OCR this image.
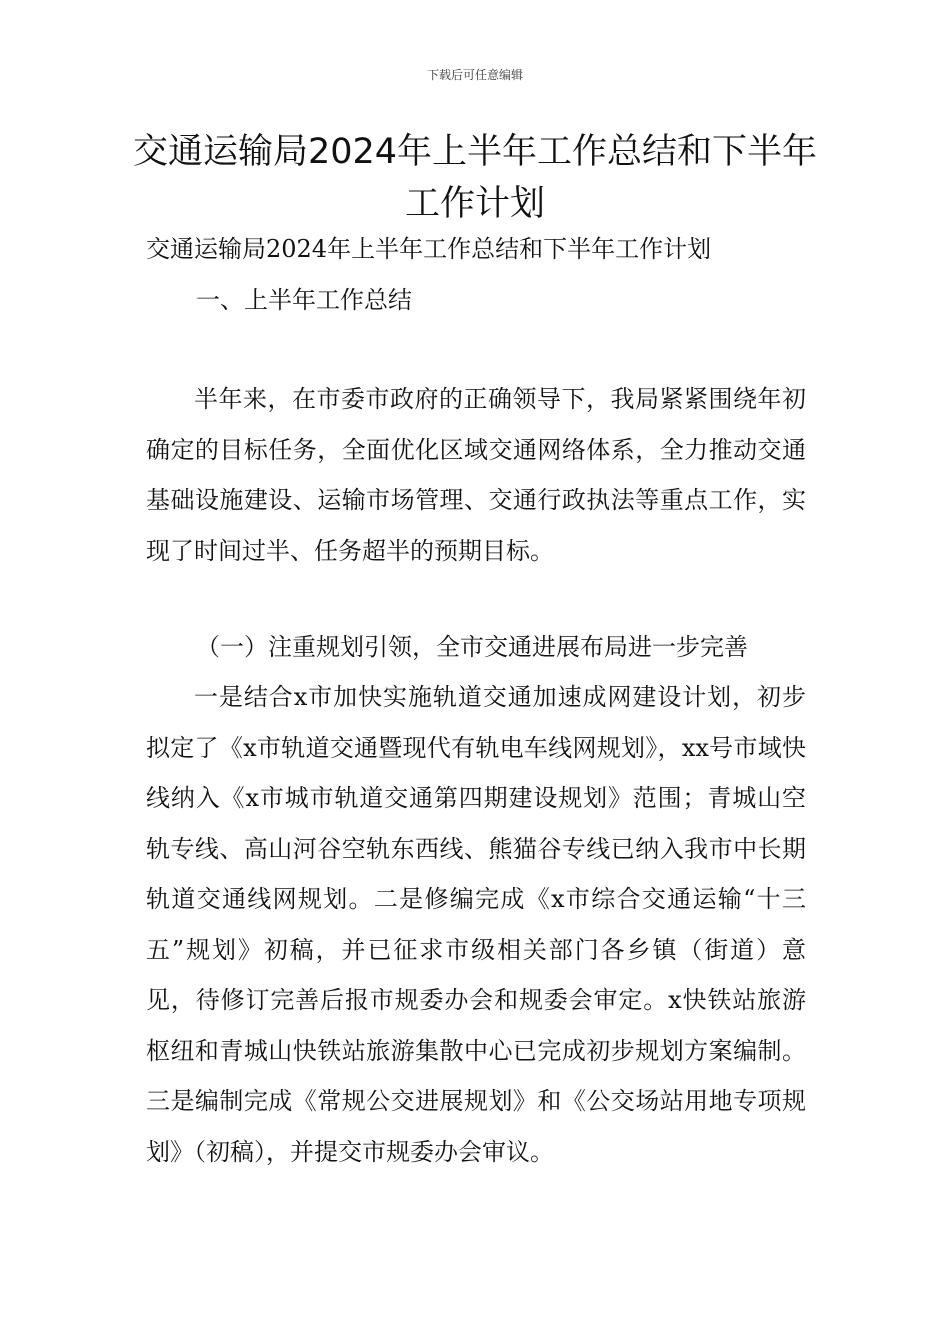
下载后可任意编辑
交通运输局2024年上半年工作总结和下半年工作计划

交通运输局2024年上半年工作总结和下半年工作计划

一、上半年工作总结

半年来，在市委市政府的正确领导下，我局紧紧围绕年初确定的目标任务，全面优化区域交通网络体系，全力推动交通基础设施建设、运输市场管理、交通行政执法等重点工作，实现了时间过半、任务超半的预期目标。

（一）注重规划引领，全市交通进展布局进一步完善

一是结合x市加快实施轨道交通加速成网建设计划，初步拟定了《x市轨道交通暨现代有轨电车线网规划》，xx号市域快线纳入《x市城市轨道交通第四期建设规划》范围；青城山空轨专线、高山河谷空轨东西线、熊猫谷专线已纳入我市中长期轨道交通线网规划。二是修编完成《x市综合交通运输“十三五”规划》初稿，并已征求市级相关部门各乡镇（街道）意见，待修订完善后报市规委办会和规委会审定。x快铁站旅游枢纽和青城山快铁站旅游集散中心已完成初步规划方案编制。三是编制完成《常规公交进展规划》和《公交场站用地专项规划》（初稿），并提交市规委办会审议。
